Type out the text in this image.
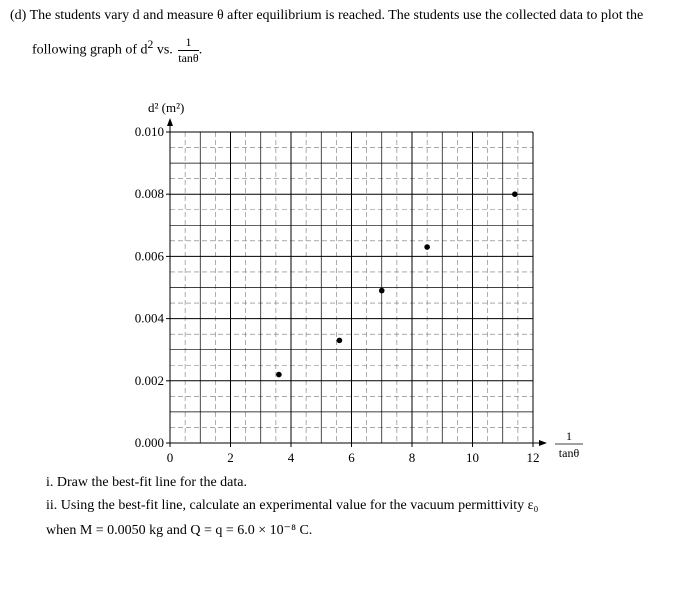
(d) The students vary d and measure θ after equilibrium is reached. The students use the collected data to plot the
following graph of $d^2$ vs. $\frac{1}{\tan\theta}$ .
0	2	4	6	8	10	12
0.000
0.002
0.004
0.006
0.008
0.010
d² (m²)
1
tanθ
i. Draw the best-fit line for the data.
ii. Using the best-fit line, calculate an experimental value for the vacuum permittivity ε₀
when M = 0.0050 kg and Q = q = 6.0 × 10⁻⁸ C.
